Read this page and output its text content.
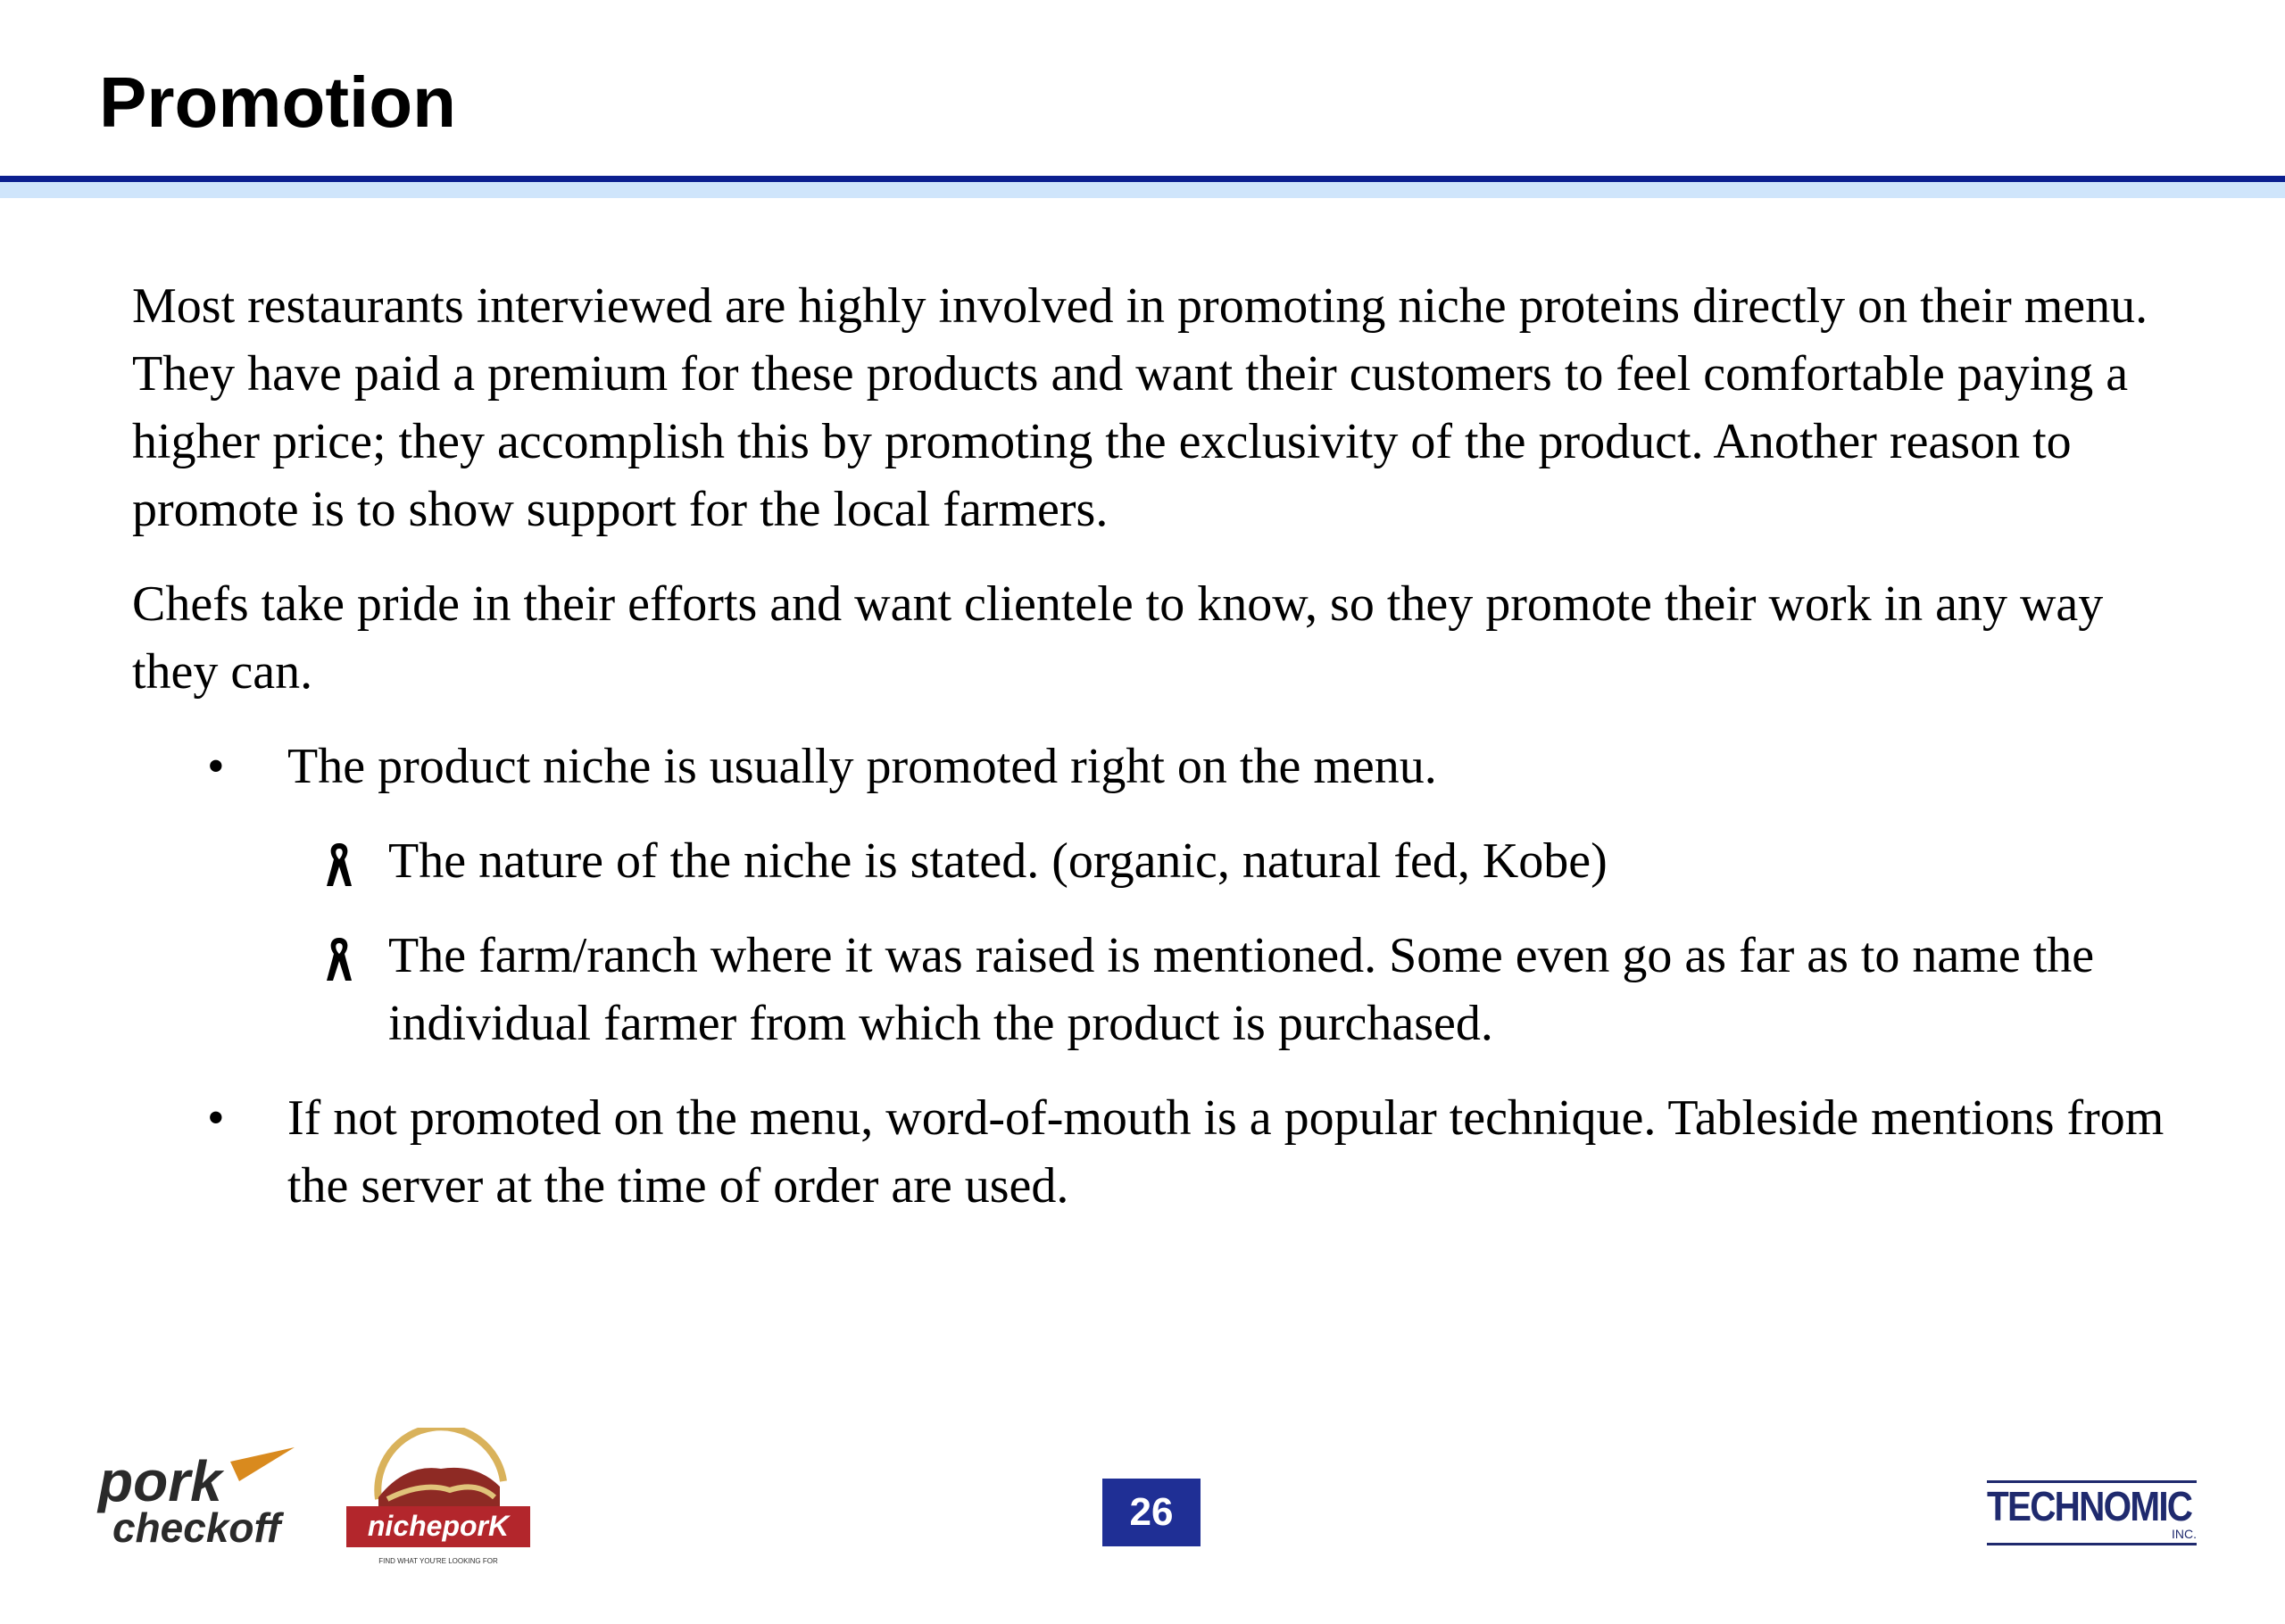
Promotion

Most restaurants interviewed are highly involved in promoting niche proteins directly on their menu. They have paid a premium for these products and want their customers to feel comfortable paying a higher price; they accomplish this by promoting the exclusivity of the product. Another reason to promote is to show support for the local farmers.

Chefs take pride in their efforts and want clientele to know, so they promote their work in any way they can.

•	The product niche is usually promoted right on the menu.
The nature of the niche is stated. (organic, natural fed, Kobe)
The farm/ranch where it was raised is mentioned. Some even go as far as to name the individual farmer from which the product is purchased.
•	If not promoted on the menu, word-of-mouth is a popular technique. Tableside mentions from the server at the time of order are used.
pork
checkoff	nicheporK
FIND WHAT YOU'RE LOOKING FOR
26	TECHNOMIC
INC.
